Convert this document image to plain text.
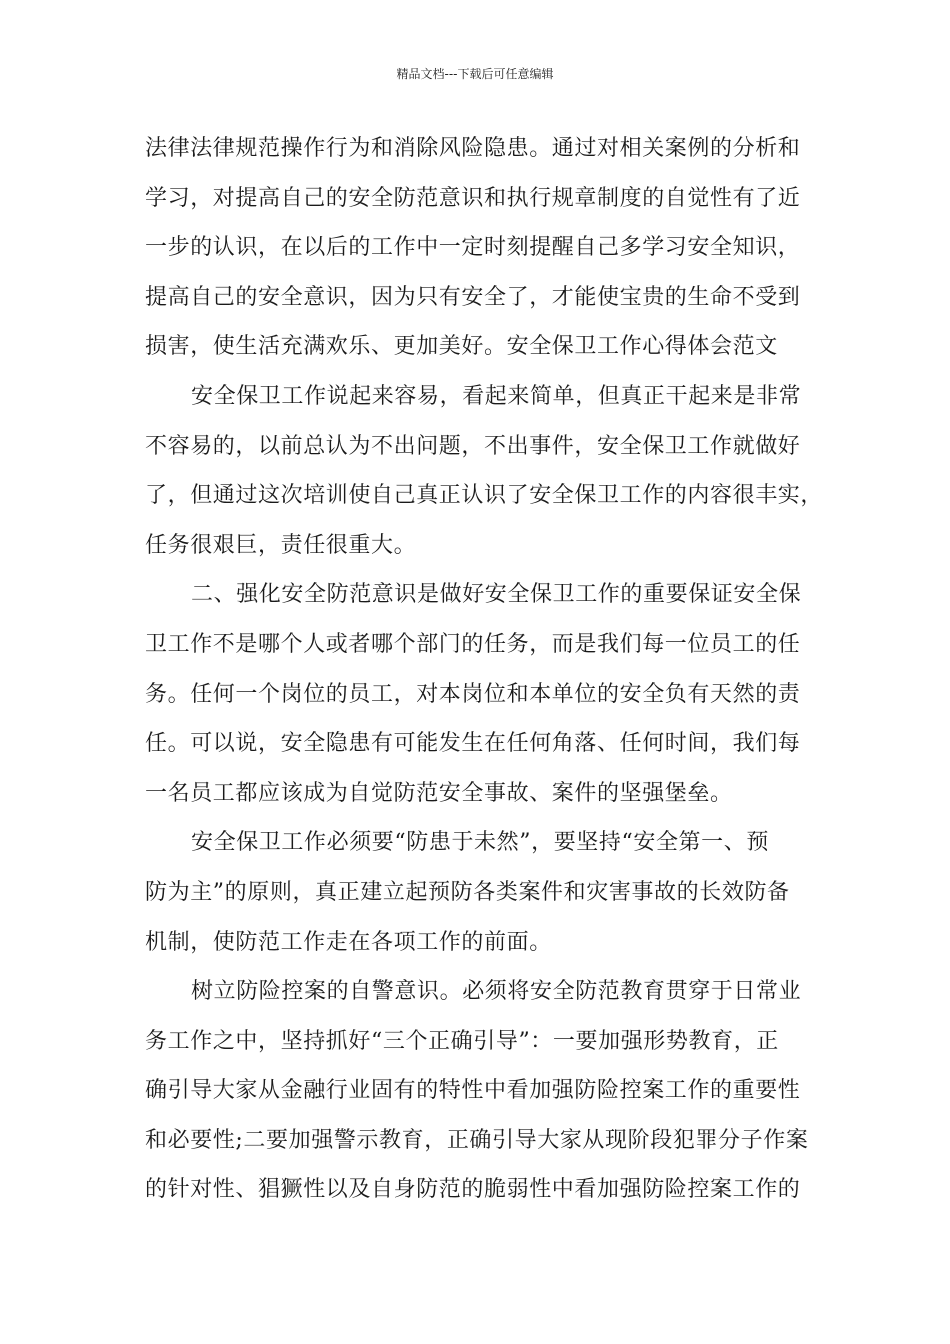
精品文档---下载后可任意编辑
法律法律规范操作行为和消除风险隐患。通过对相关案例的分析和
学习，对提高自己的安全防范意识和执行规章制度的自觉性有了近
一步的认识，在以后的工作中一定时刻提醒自己多学习安全知识，
提高自己的安全意识，因为只有安全了，才能使宝贵的生命不受到
损害，使生活充满欢乐、更加美好。安全保卫工作心得体会范文
安全保卫工作说起来容易，看起来简单，但真正干起来是非常
不容易的，以前总认为不出问题，不出事件，安全保卫工作就做好
了，但通过这次培训使自己真正认识了安全保卫工作的内容很丰实，
任务很艰巨，责任很重大。
二、强化安全防范意识是做好安全保卫工作的重要保证安全保
卫工作不是哪个人或者哪个部门的任务，而是我们每一位员工的任
务。任何一个岗位的员工，对本岗位和本单位的安全负有天然的责
任。可以说，安全隐患有可能发生在任何角落、任何时间，我们每
一名员工都应该成为自觉防范安全事故、案件的坚强堡垒。
安全保卫工作必须要“防患于未然”，要坚持“安全第一、预
防为主”的原则，真正建立起预防各类案件和灾害事故的长效防备
机制，使防范工作走在各项工作的前面。
树立防险控案的自警意识。必须将安全防范教育贯穿于日常业
务工作之中，坚持抓好“三个正确引导”：一要加强形势教育，正
确引导大家从金融行业固有的特性中看加强防险控案工作的重要性
和必要性;二要加强警示教育，正确引导大家从现阶段犯罪分子作案
的针对性、猖獗性以及自身防范的脆弱性中看加强防险控案工作的
